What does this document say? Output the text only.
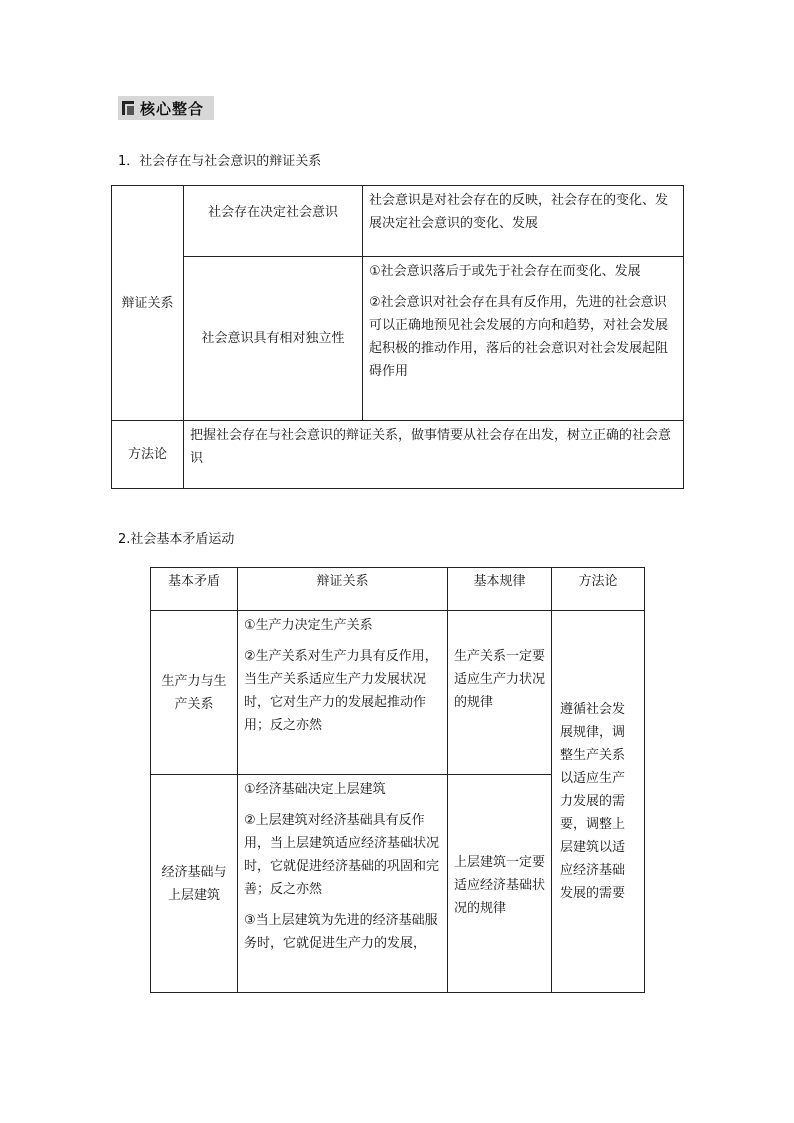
核心整合
1．社会存在与社会意识的辩证关系
辩证关系	社会存在决定社会意识	社会意识是对社会存在的反映，社会存在的变化、发展决定社会意识的变化、发展
	社会意识具有相对独立性	①社会意识落后于或先于社会存在而变化、发展

②社会意识对社会存在具有反作用，先进的社会意识可以正确地预见社会发展的方向和趋势，对社会发展起积极的推动作用，落后的社会意识对社会发展起阻碍作用

方法论	把握社会存在与社会意识的辩证关系，做事情要从社会存在出发，树立正确的社会意识	
2.社会基本矛盾运动
基本矛盾	辩证关系	基本规律	方法论
生产力与生产关系	①生产力决定生产关系

②生产关系对生产力具有反作用，当生产关系适应生产力发展状况时，它对生产力的发展起推动作用；反之亦然	生产关系一定要适应生产力状况的规律	遵循社会发展规律，调整生产关系以适应生产力发展的需要，调整上层建筑以适应经济基础发展的需要
经济基础与上层建筑	①经济基础决定上层建筑

②上层建筑对经济基础具有反作用，当上层建筑适应经济基础状况时，它就促进经济基础的巩固和完善；反之亦然

③当上层建筑为先进的经济基础服务时，它就促进生产力的发展，	上层建筑一定要适应经济基础状况的规律	
